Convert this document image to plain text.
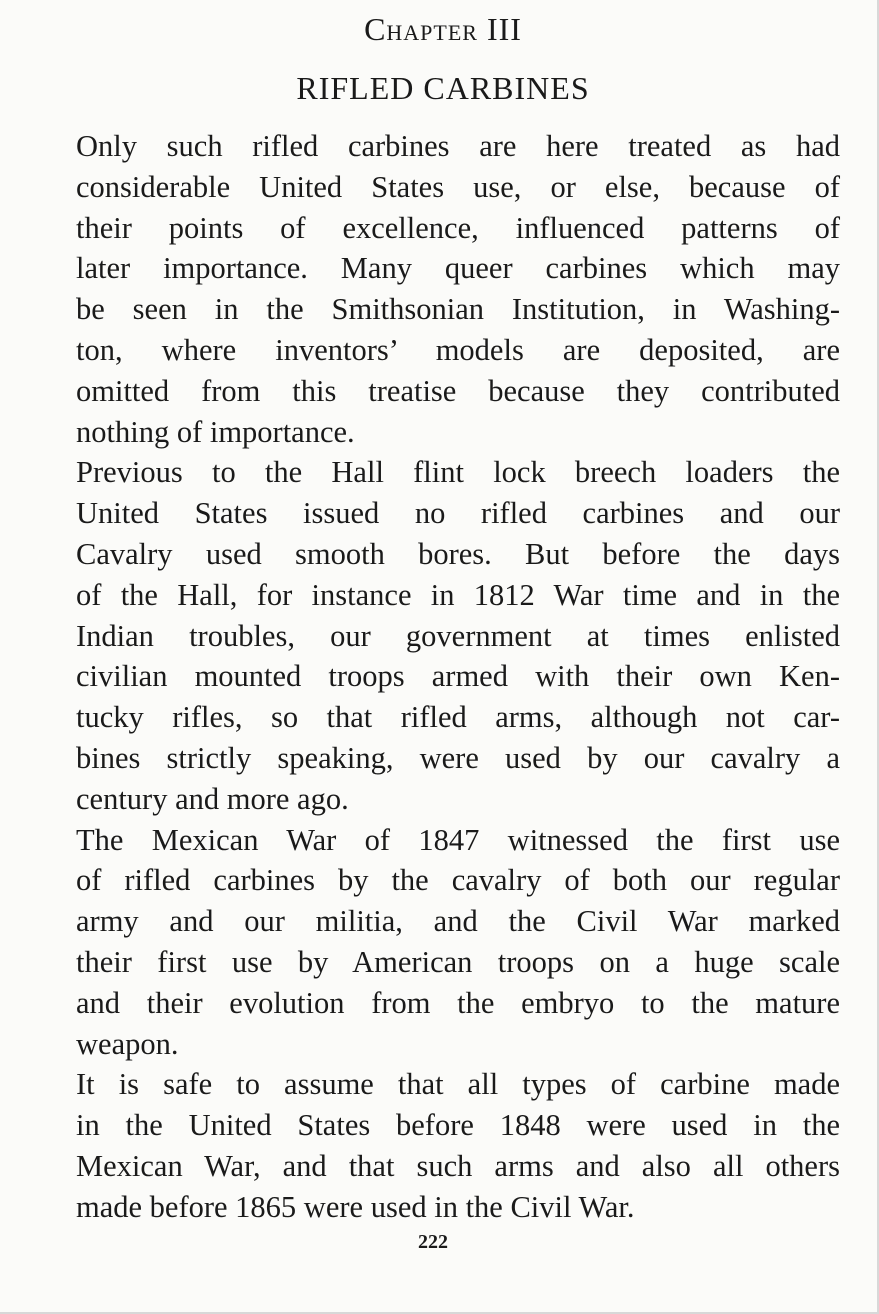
Chapter III
RIFLED CARBINES

Only such rifled carbines are here treated as had
considerable United States use, or else, because of
their points of excellence, influenced patterns of
later importance. Many queer carbines which may
be seen in the Smithsonian Institution, in Washing-
ton, where inventors’ models are deposited, are
omitted from this treatise because they contributed
nothing of importance.

Previous to the Hall flint lock breech loaders the
United States issued no rifled carbines and our
Cavalry used smooth bores. But before the days
of the Hall, for instance in 1812 War time and in the
Indian troubles, our government at times enlisted
civilian mounted troops armed with their own Ken-
tucky rifles, so that rifled arms, although not car-
bines strictly speaking, were used by our cavalry a
century and more ago.

The Mexican War of 1847 witnessed the first use
of rifled carbines by the cavalry of both our regular
army and our militia, and the Civil War marked
their first use by American troops on a huge scale
and their evolution from the embryo to the mature
weapon.

It is safe to assume that all types of carbine made
in the United States before 1848 were used in the
Mexican War, and that such arms and also all others
made before 1865 were used in the Civil War.

222
